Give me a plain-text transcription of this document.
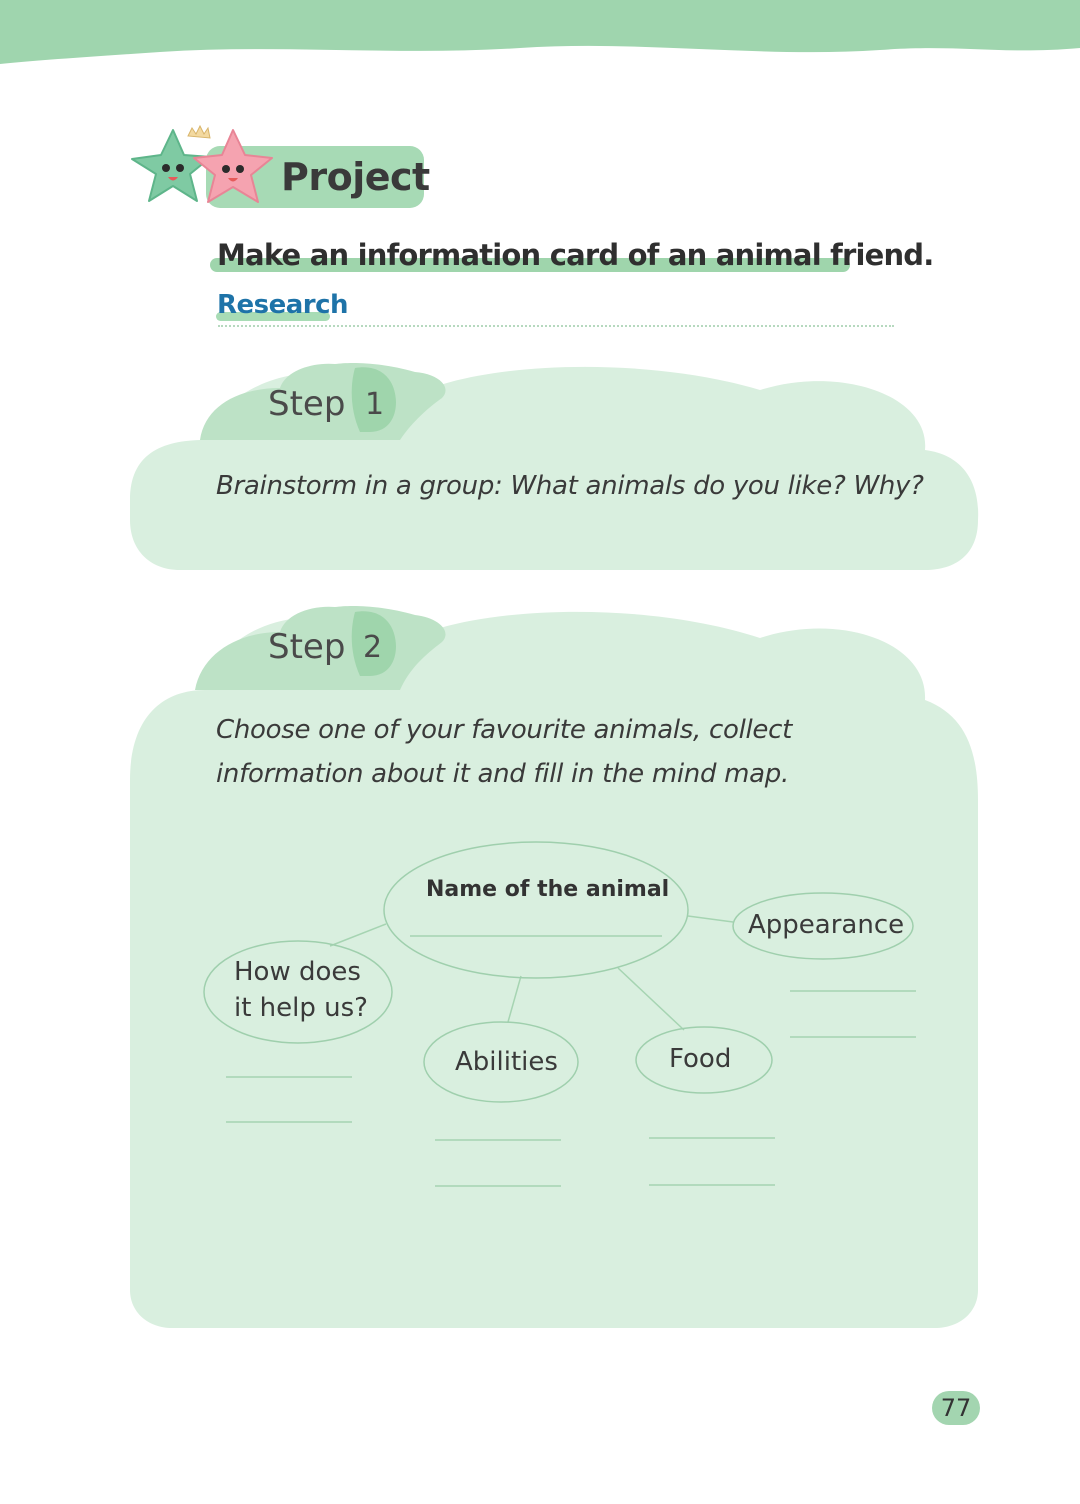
Project
Make an information card of an animal friend.
Research
Step 1
Brainstorm in a group: What animals do you like? Why?
Step 2
Choose one of your favourite animals, collect
information about it and fill in the mind map.
Name of the animal
Appearance
How does
it help us?
Abilities	Food
77
